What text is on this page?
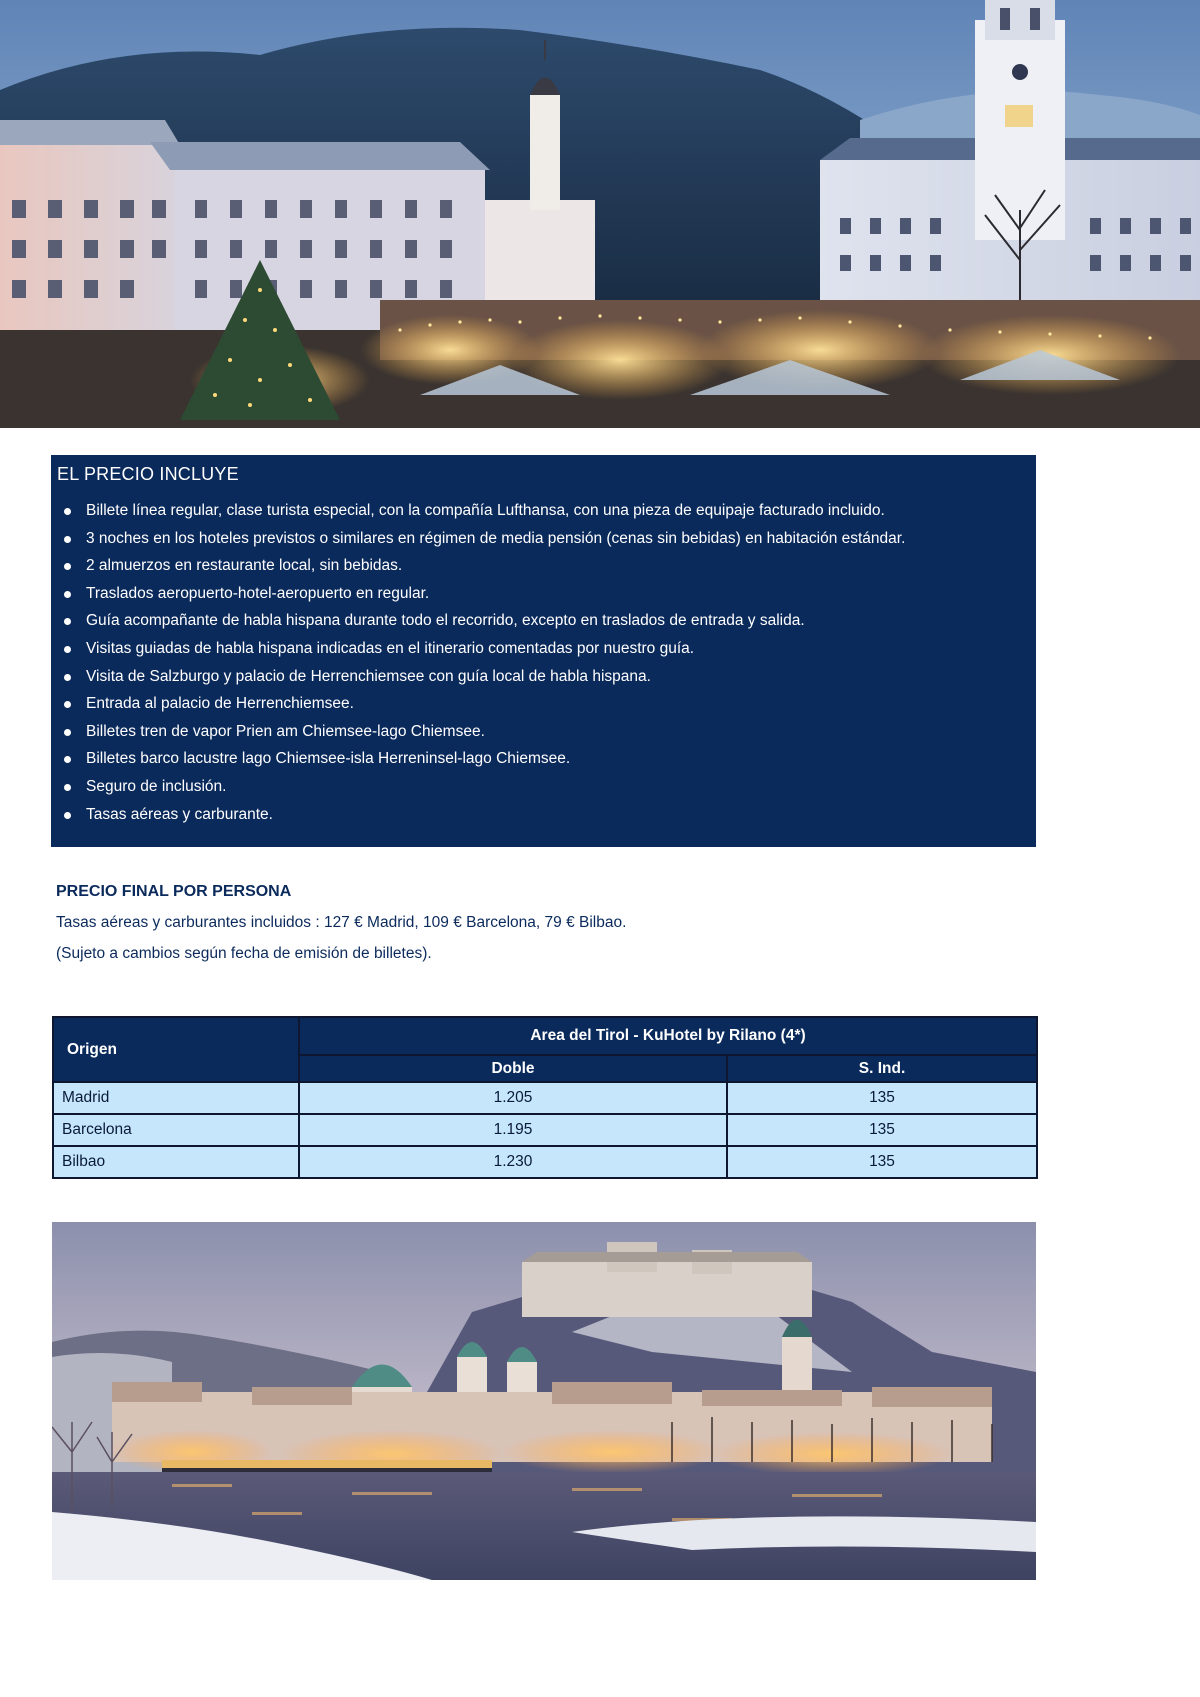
EL PRECIO INCLUYE
Billete línea regular, clase turista especial, con la compañía Lufthansa, con una pieza de equipaje facturado incluido.
3 noches en los hoteles previstos o similares en régimen de media pensión (cenas sin bebidas) en habitación estándar.
2 almuerzos en restaurante local, sin bebidas.
Traslados aeropuerto-hotel-aeropuerto en regular.
Guía acompañante de habla hispana durante todo el recorrido, excepto en traslados de entrada y salida.
Visitas guiadas de habla hispana indicadas en el itinerario comentadas por nuestro guía.
Visita de Salzburgo y palacio de Herrenchiemsee con guía local de habla hispana.
Entrada al palacio de Herrenchiemsee.
Billetes tren de vapor Prien am Chiemsee-lago Chiemsee.
Billetes barco lacustre lago Chiemsee-isla Herreninsel-lago Chiemsee.
Seguro de inclusión.
Tasas aéreas y carburante.
PRECIO FINAL POR PERSONA
Tasas aéreas y carburantes incluidos : 127 € Madrid, 109 € Barcelona, 79 € Bilbao.
(Sujeto a cambios según fecha de emisión de billetes).
Origen	Area del Tirol - KuHotel by Rilano (4*)	
	Doble	S. Ind.
Madrid	1.205	135
Barcelona	1.195	135
Bilbao	1.230	135
